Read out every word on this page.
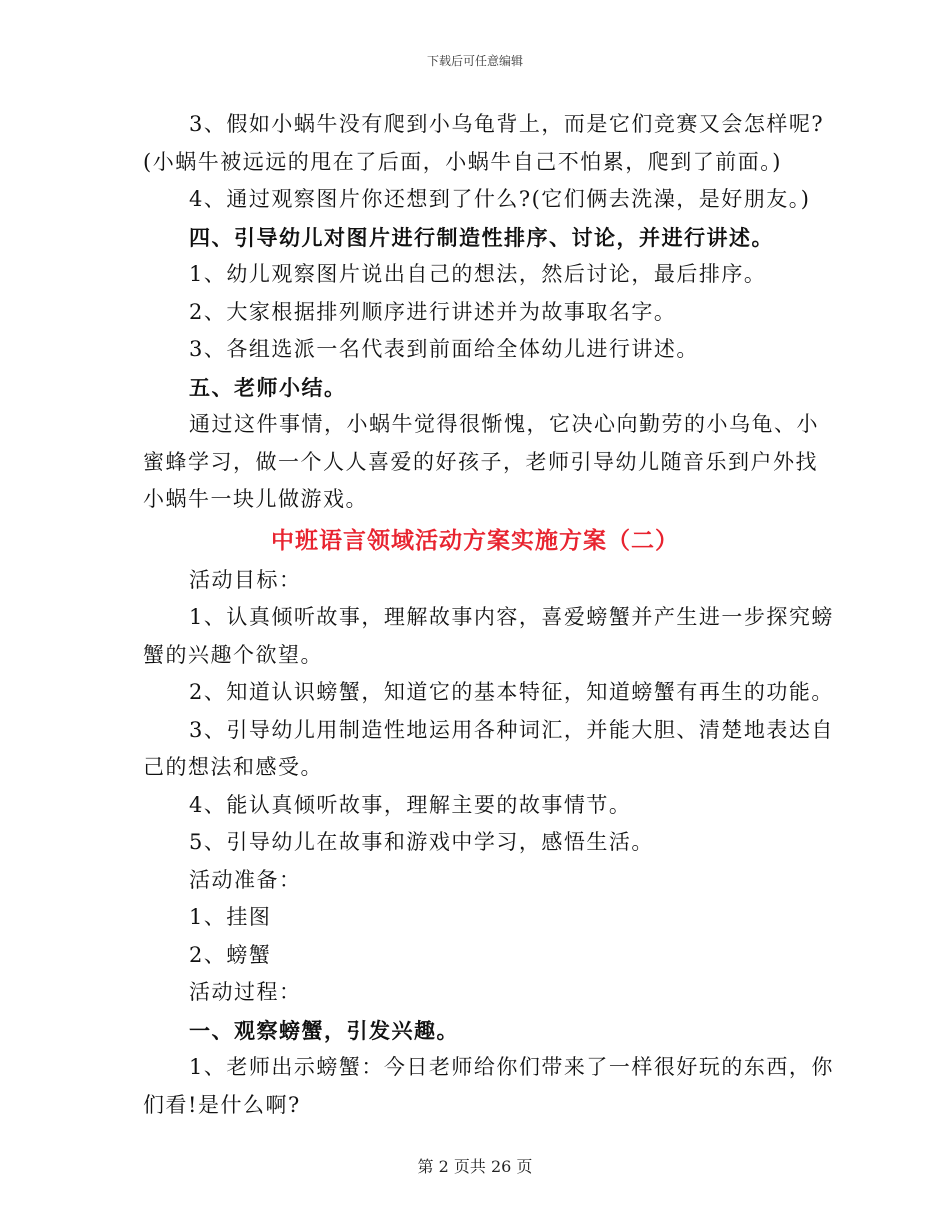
下载后可任意编辑

3、假如小蜗牛没有爬到小乌龟背上，而是它们竞赛又会怎样呢?

(小蜗牛被远远的甩在了后面，小蜗牛自己不怕累，爬到了前面。)

4、通过观察图片你还想到了什么?(它们俩去洗澡，是好朋友。)

四、引导幼儿对图片进行制造性排序、讨论，并进行讲述。

1、幼儿观察图片说出自己的想法，然后讨论，最后排序。

2、大家根据排列顺序进行讲述并为故事取名字。

3、各组选派一名代表到前面给全体幼儿进行讲述。

五、老师小结。

通过这件事情，小蜗牛觉得很惭愧，它决心向勤劳的小乌龟、小

蜜蜂学习，做一个人人喜爱的好孩子，老师引导幼儿随音乐到户外找

小蜗牛一块儿做游戏。

中班语言领域活动方案实施方案（二）

活动目标：

1、认真倾听故事，理解故事内容，喜爱螃蟹并产生进一步探究螃

蟹的兴趣个欲望。

2、知道认识螃蟹，知道它的基本特征，知道螃蟹有再生的功能。

3、引导幼儿用制造性地运用各种词汇，并能大胆、清楚地表达自

己的想法和感受。

4、能认真倾听故事，理解主要的故事情节。

5、引导幼儿在故事和游戏中学习，感悟生活。

活动准备：

1、挂图

2、螃蟹

活动过程：

一、观察螃蟹，引发兴趣。

1、老师出示螃蟹：今日老师给你们带来了一样很好玩的东西，你

们看!是什么啊?

第 2 页共 26 页
